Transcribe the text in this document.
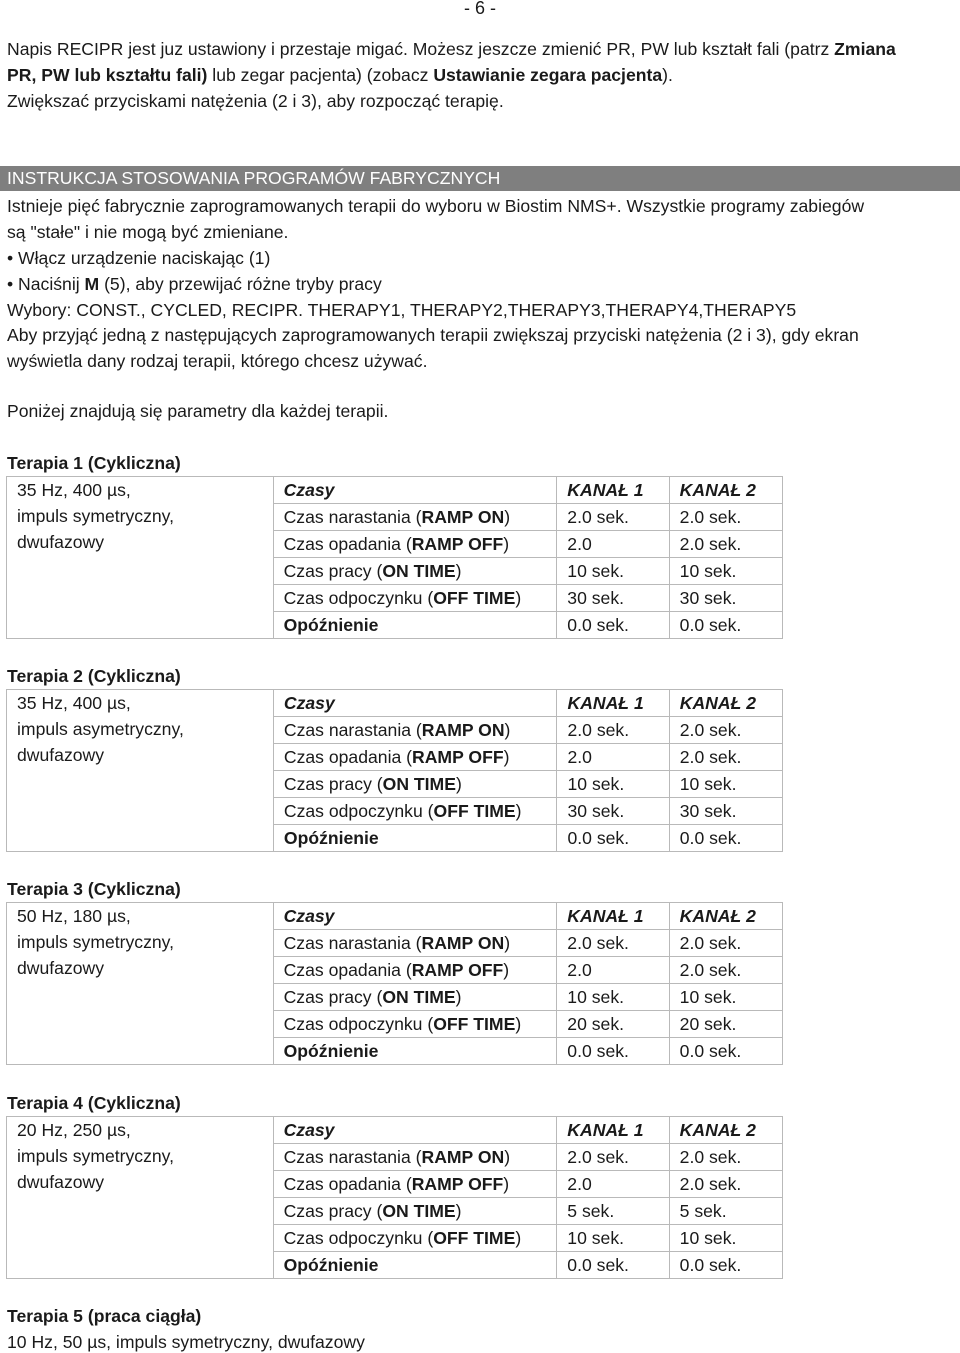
- 6 -
Napis RECIPR jest juz ustawiony i przestaje migać. Możesz jeszcze zmienić PR, PW lub kształt fali (patrz Zmiana
PR, PW lub kształtu fali) lub zegar pacjenta) (zobacz Ustawianie zegara pacjenta).
Zwiększać przyciskami natężenia (2 i 3), aby rozpocząć terapię.
INSTRUKCJA STOSOWANIA PROGRAMÓW FABRYCZNYCH
Istnieje pięć fabrycznie zaprogramowanych terapii do wyboru w Biostim NMS+. Wszystkie programy zabiegów
są "stałe" i nie mogą być zmieniane.
• Włącz urządzenie naciskając (1)
• Naciśnij M (5), aby przewijać różne tryby pracy
Wybory: CONST., CYCLED, RECIPR. THERAPY1, THERAPY2,THERAPY3,THERAPY4,THERAPY5
Aby przyjąć jedną z następujących zaprogramowanych terapii zwiększaj przyciski natężenia (2 i 3), gdy ekran
wyświetla dany rodzaj terapii, którego chcesz używać.
Poniżej znajdują się parametry dla każdej terapii.
Terapia 1 (Cykliczna)
35 Hz, 400 µs,
impuls symetryczny,
dwufazowy	Czasy	KANAŁ 1	KANAŁ 2
	Czas narastania (RAMP ON)	2.0 sek.	2.0 sek.
	Czas opadania (RAMP OFF)	2.0	2.0 sek.
	Czas pracy (ON TIME)	10 sek.	10 sek.
	Czas odpoczynku (OFF TIME)	30 sek.	30 sek.
	Opóźnienie	0.0 sek.	0.0 sek.
Terapia 2 (Cykliczna)
35 Hz, 400 µs,
impuls asymetryczny,
dwufazowy	Czasy	KANAŁ 1	KANAŁ 2
	Czas narastania (RAMP ON)	2.0 sek.	2.0 sek.
	Czas opadania (RAMP OFF)	2.0	2.0 sek.
	Czas pracy (ON TIME)	10 sek.	10 sek.
	Czas odpoczynku (OFF TIME)	30 sek.	30 sek.
	Opóźnienie	0.0 sek.	0.0 sek.
Terapia 3 (Cykliczna)
50 Hz, 180 µs,
impuls symetryczny,
dwufazowy	Czasy	KANAŁ 1	KANAŁ 2
	Czas narastania (RAMP ON)	2.0 sek.	2.0 sek.
	Czas opadania (RAMP OFF)	2.0	2.0 sek.
	Czas pracy (ON TIME)	10 sek.	10 sek.
	Czas odpoczynku (OFF TIME)	20 sek.	20 sek.
	Opóźnienie	0.0 sek.	0.0 sek.
Terapia 4 (Cykliczna)
20 Hz, 250 µs,
impuls symetryczny,
dwufazowy	Czasy	KANAŁ 1	KANAŁ 2
	Czas narastania (RAMP ON)	2.0 sek.	2.0 sek.
	Czas opadania (RAMP OFF)	2.0	2.0 sek.
	Czas pracy (ON TIME)	5 sek.	5 sek.
	Czas odpoczynku (OFF TIME)	10 sek.	10 sek.
	Opóźnienie	0.0 sek.	0.0 sek.
Terapia 5 (praca ciągła)
10 Hz, 50 µs, impuls symetryczny, dwufazowy
